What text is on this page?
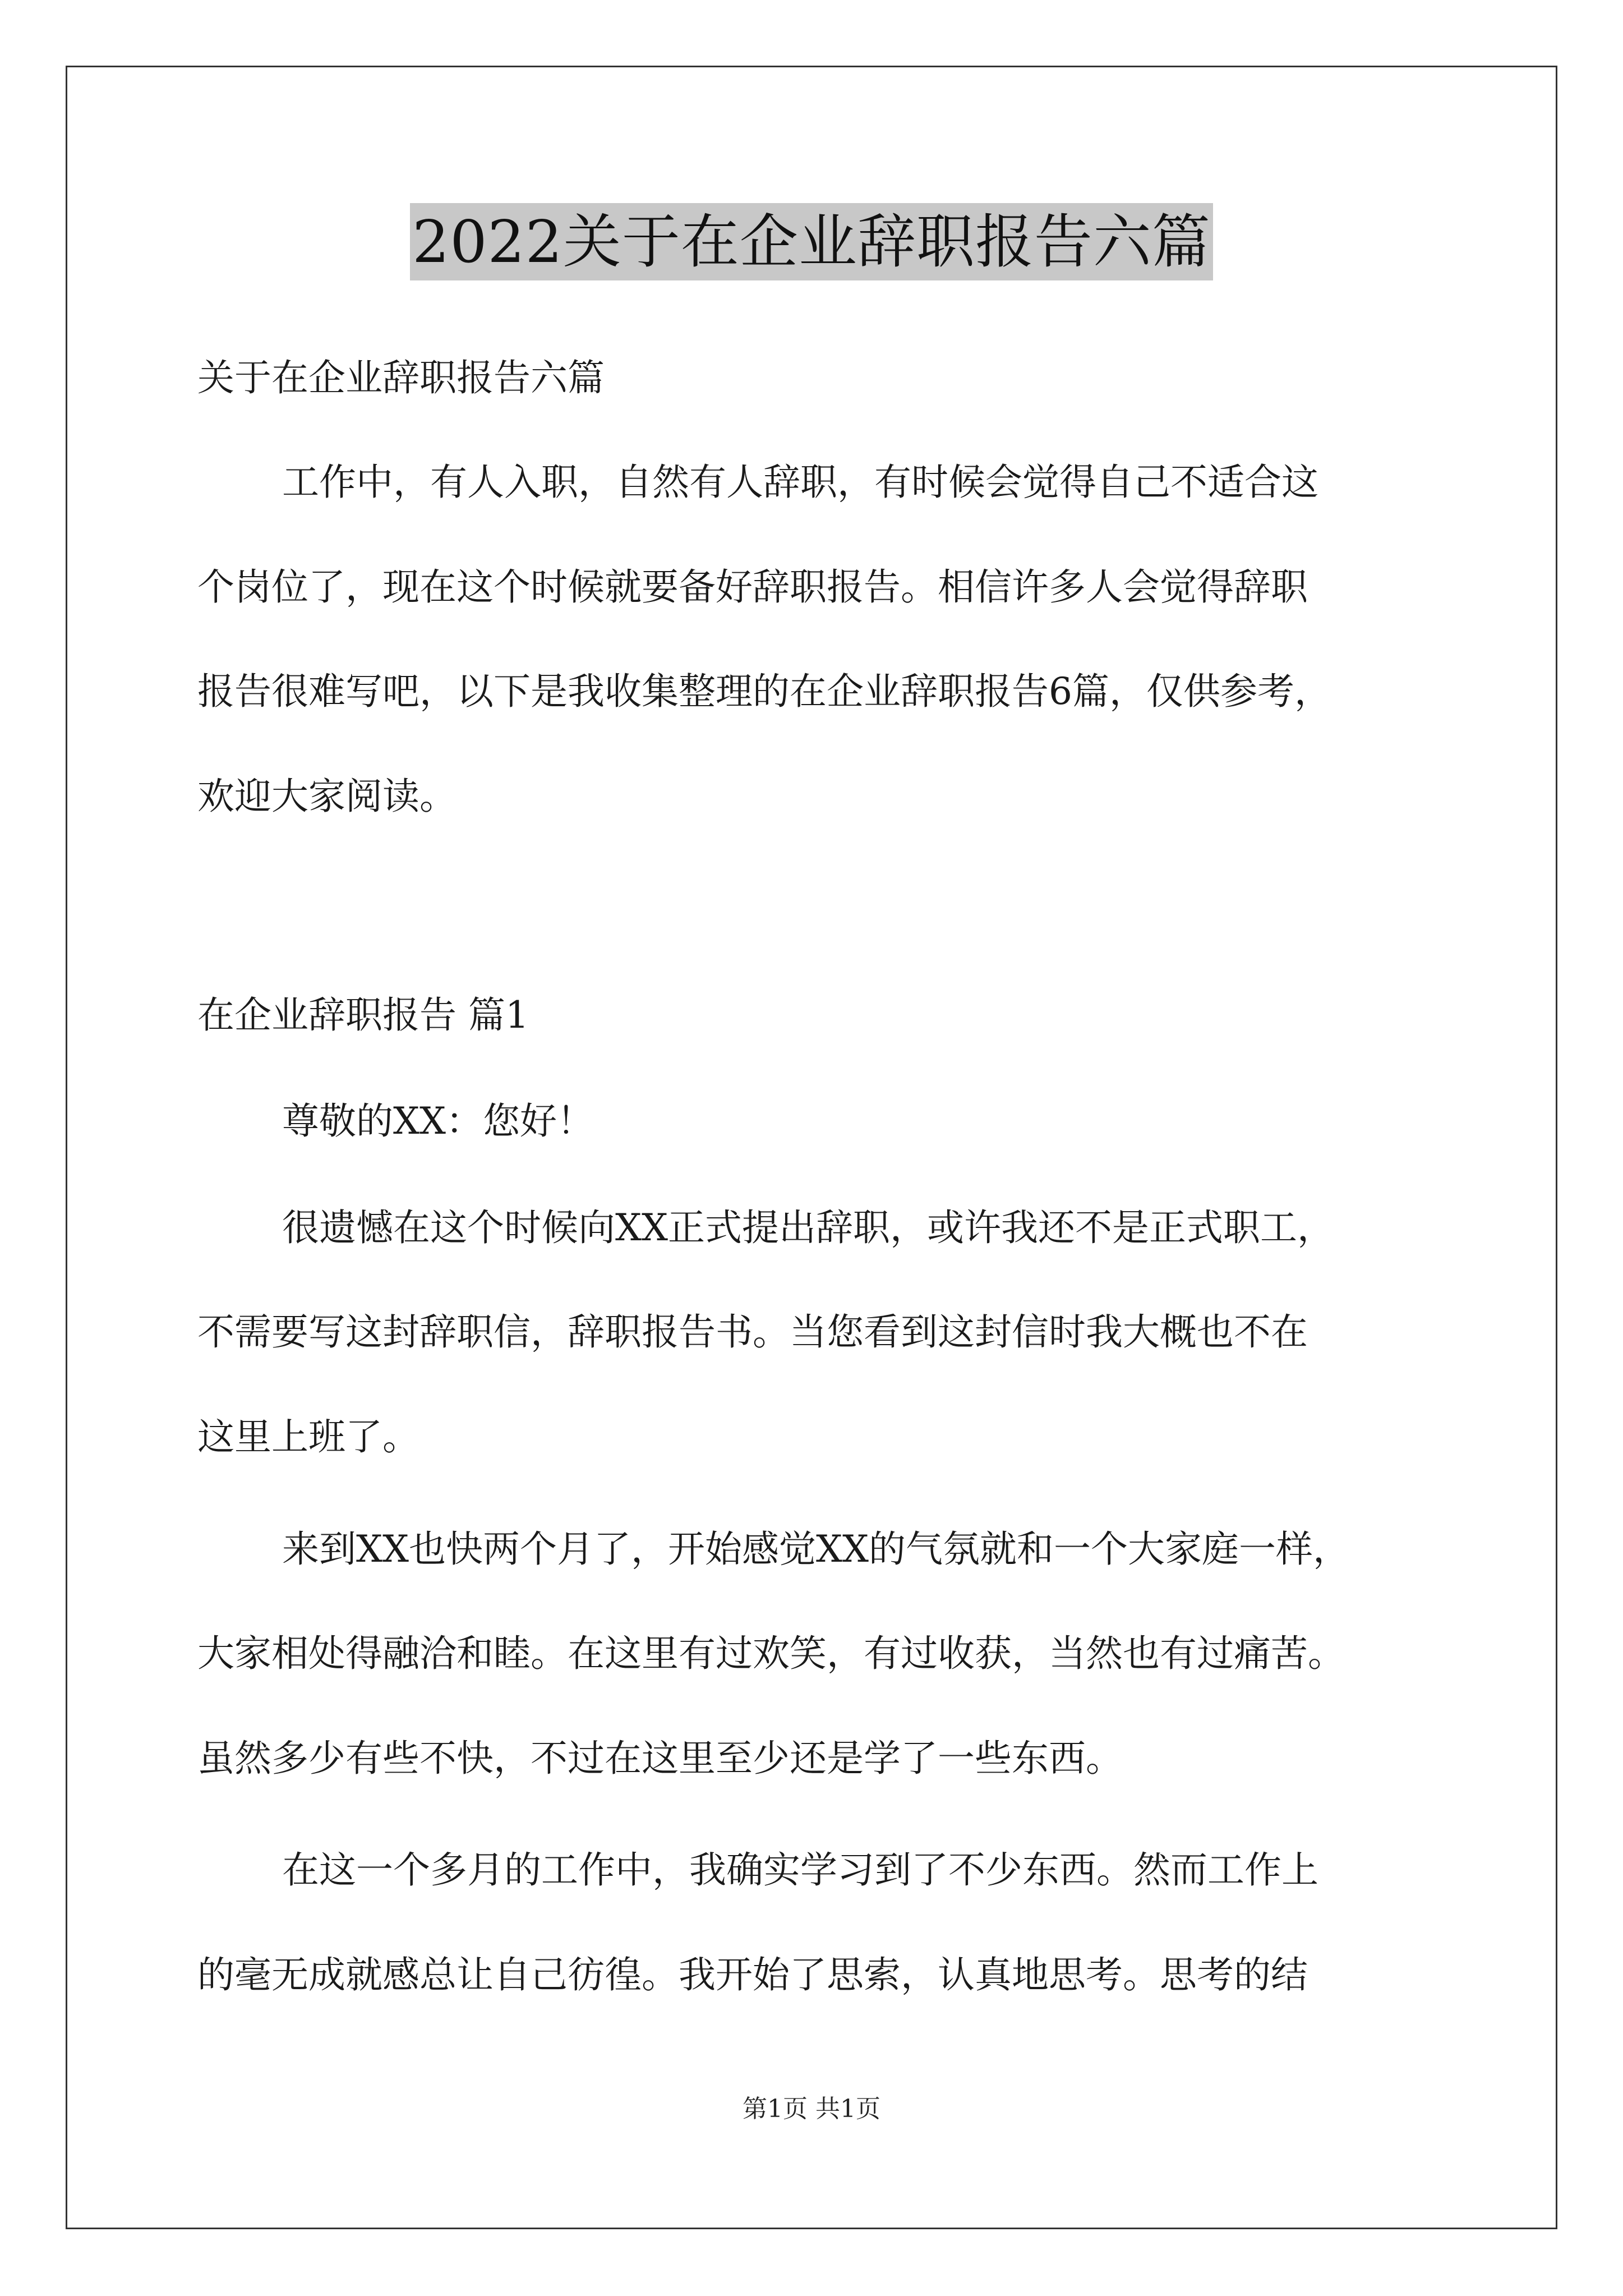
2022关于在企业辞职报告六篇
关于在企业辞职报告六篇
工作中，有人入职，自然有人辞职，有时候会觉得自己不适合这
个岗位了，现在这个时候就要备好辞职报告。相信许多人会觉得辞职
报告很难写吧，以下是我收集整理的在企业辞职报告6篇，仅供参考，
欢迎大家阅读。
在企业辞职报告 篇1
尊敬的XX：您好！
很遗憾在这个时候向XX正式提出辞职，或许我还不是正式职工，
不需要写这封辞职信，辞职报告书。当您看到这封信时我大概也不在
这里上班了。
来到XX也快两个月了，开始感觉XX的气氛就和一个大家庭一样，
大家相处得融洽和睦。在这里有过欢笑，有过收获，当然也有过痛苦。
虽然多少有些不快，不过在这里至少还是学了一些东西。
在这一个多月的工作中，我确实学习到了不少东西。然而工作上
的毫无成就感总让自己彷徨。我开始了思索，认真地思考。思考的结
第1页 共1页
